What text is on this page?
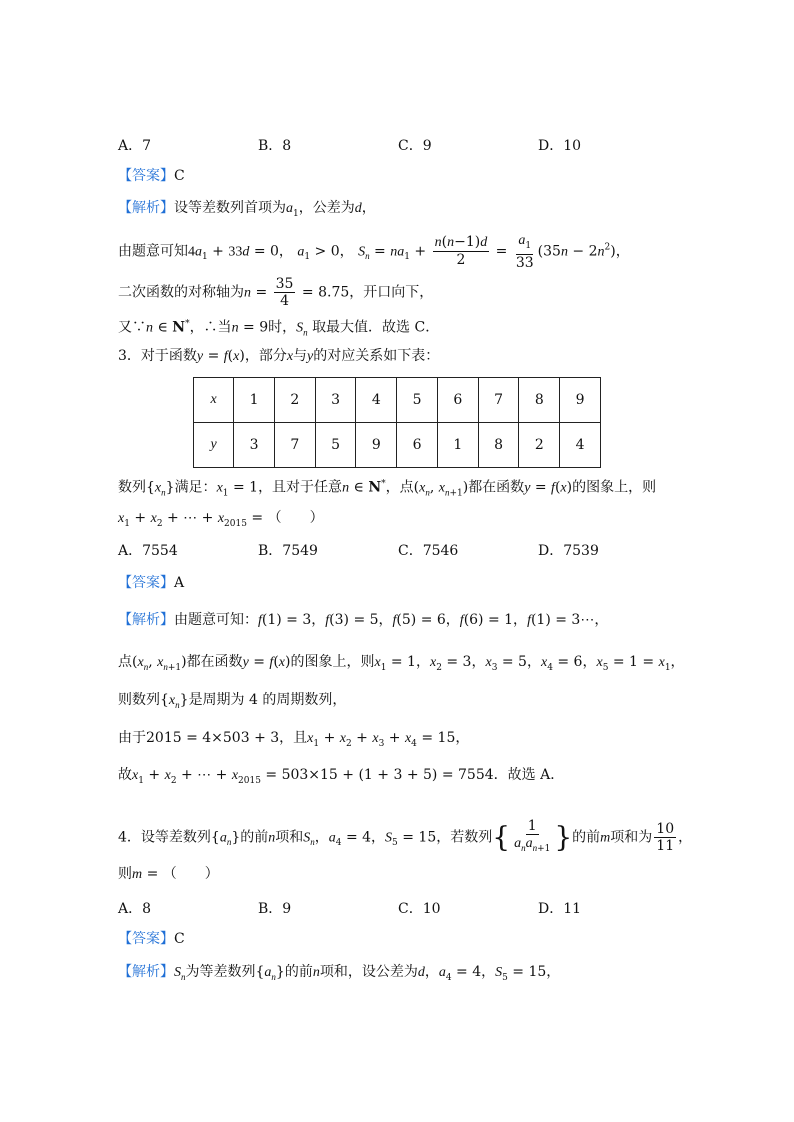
A．7	B．8	C．9	D．10
【答案】C
【解析】设等差数列首项为$a_1$，公差为d，
由题意可知$4a_1 + 33d = 0$， $a_1 > 0$， $S_n = na_1 + \frac{n(n-1)d}{2} = \frac{a_1}{33} (35n - 2n^2)$，
二次函数的对称轴为$n = \frac{35}{4} = 8.75$，开口向下，
又∵n ∈ N*，∴当n = 9时，$S_n$ 取最大值．故选 C．
3．对于函数y = f(x)，部分x与y的对应关系如下表：
x	1	2	3	4	5	6	7	8	9
y	3	7	5	9	6	1	8	2	4
数列$\{x_n\}$满足：$x_1 = 1$，且对于任意n ∈ N*，点($x_n$, $x_{n+1}$)都在函数y = f(x)的图象上，则
$x_1 + x_2$ + ⋯ + $x_{2015}$ = （　　）
A．7554	B．7549	C．7546	D．7539
【答案】A
【解析】由题意可知：f(1) = 3，f(3) = 5，f(5) = 6，f(6) = 1，f(1) = 3⋯，
点($x_n$, $x_{n+1}$)都在函数y = f(x)的图象上，则$x_1 = 1$，$x_2 = 3$，$x_3 = 5$，$x_4 = 6$，$x_5 = 1 = x_1$，
则数列$\{x_n\}$是周期为 4 的周期数列，
由于2015 = 4×503 + 3，且$x_1 + x_2 + x_3 + x_4 = 15$，
故$x_1 + x_2$ + ⋯ + $x_{2015} = 503\times 15 + (1 + 3 + 5) = 7554$．故选 A．
4．设等差数列$\{a_n\}$的前n项和$S_n$，$a_4 = 4$，$S_5 = 15$，若数列{ $\frac{1}{a_na_{n+1}}$ }的前m项和为 $\frac{10}{11}$ ，
则m = （　　）
A．8	B．9	C．10	D．11
【答案】C
【解析】$S_n$为等差数列$\{a_n\}$的前n项和，设公差为d，$a_4 = 4$，$S_5 = 15$，
